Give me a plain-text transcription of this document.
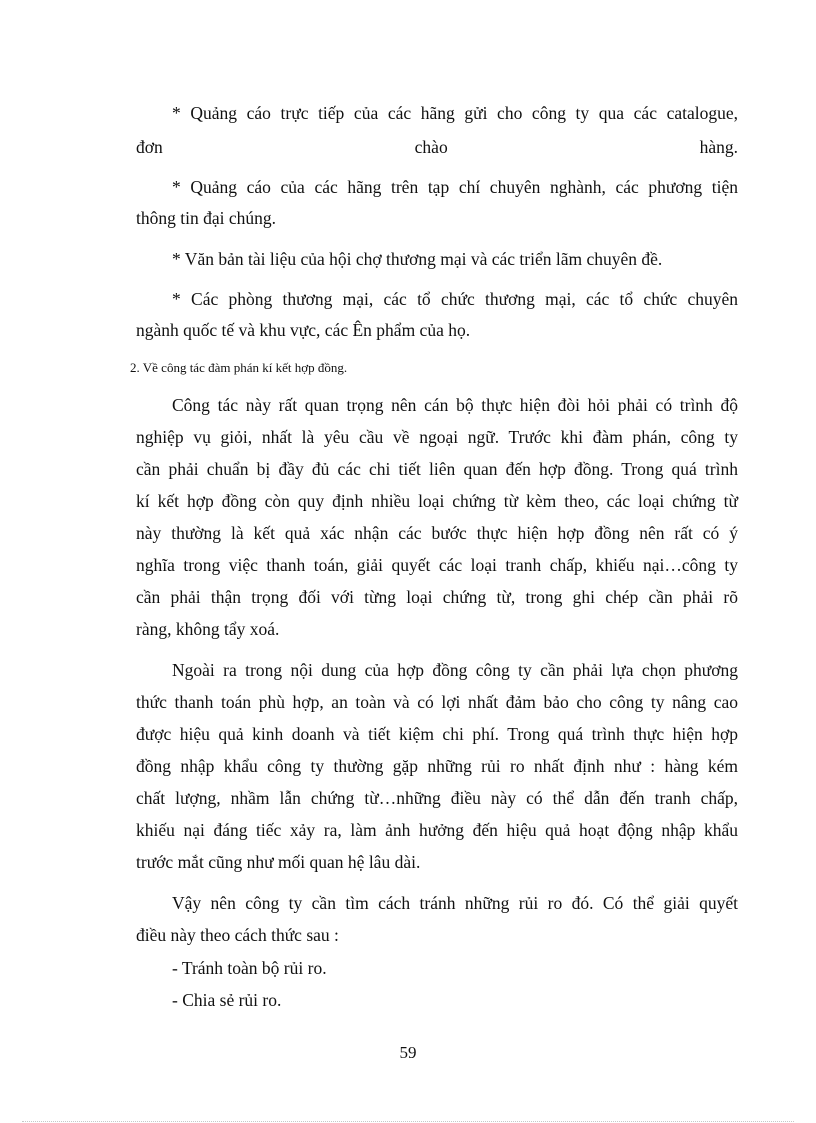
* Quảng cáo trực tiếp của các hãng gửi cho công ty qua các catalogue,
đơn chào hàng.
* Quảng cáo của các hãng trên tạp chí chuyên nghành, các phương tiện
thông tin đại chúng.
* Văn bản tài liệu của hội chợ thương mại và các triển lãm chuyên đề.
* Các phòng thương mại, các tổ chức thương mại, các tổ chức chuyên
ngành quốc tế và khu vực, các Ên phẩm của họ.
2. Về công tác đàm phán kí kết hợp đồng.
Công tác này rất quan trọng nên cán bộ thực hiện đòi hỏi phải có trình độ
nghiệp vụ giỏi, nhất là yêu cầu về ngoại ngữ. Trước khi đàm phán, công ty
cần phải chuẩn bị đầy đủ các chi tiết liên quan đến hợp đồng. Trong quá trình
kí kết hợp đồng còn quy định nhiều loại chứng từ kèm theo, các loại chứng từ
này thường là kết quả xác nhận các bước thực hiện hợp đồng nên rất có ý
nghĩa trong việc thanh toán, giải quyết các loại tranh chấp, khiếu nại…công ty
cần phải thận trọng đối với từng loại chứng từ, trong ghi chép cần phải rõ
ràng, không tẩy xoá.
Ngoài ra trong nội dung của hợp đồng công ty cần phải lựa chọn phương
thức thanh toán phù hợp, an toàn và có lợi nhất đảm bảo cho công ty nâng cao
được hiệu quả kinh doanh và tiết kiệm chi phí. Trong quá trình thực hiện hợp
đồng nhập khẩu công ty thường gặp những rủi ro nhất định như : hàng kém
chất lượng, nhầm lẫn chứng từ…những điều này có thể dẫn đến tranh chấp,
khiếu nại đáng tiếc xảy ra, làm ảnh hưởng đến hiệu quả hoạt động nhập khẩu
trước mắt cũng như mối quan hệ lâu dài.
Vậy nên công ty cần tìm cách tránh những rủi ro đó. Có thể giải quyết
điều này theo cách thức sau :
- Tránh toàn bộ rủi ro.
- Chia sẻ rủi ro.
59
